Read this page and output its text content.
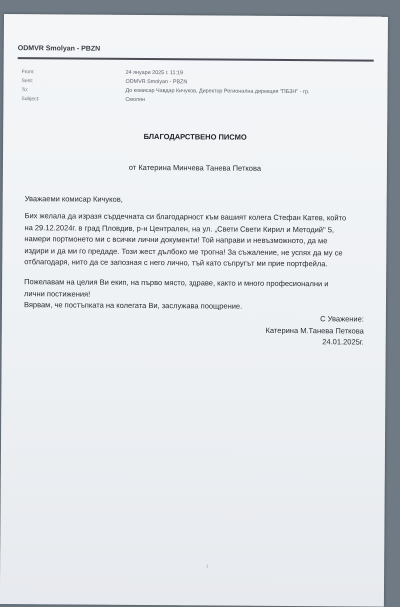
ODMVR Smolyan - PBZN
From:	24 януари 2025 г. 11:19
Sent:	ODMVR Smolyan - PBZN
To:	До комисар Чавдар Кичуков, Директор Регионална дирекция "ПБЗН" - гр.
Subject:	Смолян
БЛАГОДАРСТВЕНО ПИСМО
от Катерина Минчева Танева Петкова
Уважаеми комисар Кичуков,
Бих желала да изразя сърдечната си благодарност към вашият колега Стефан Катев, който
на 29.12.2024г. в град Пловдив, р-н Централен, на ул. „Свети Свети Кирил и Методий" 5,
намери портмонето ми с всички лични документи! Той направи и невъзможното, да ме
издири и да ми го предаде. Този жест дълбоко ме трогна! За съжаление, не успях да му се
отблагодаря, нито да се запозная с него лично, тъй като съпругът ми прие портфейла.
Пожелавам на целия Ви екип, на първо място, здраве, както и много професионални и
лични постижения!
Вярвам, че постъпката на колегата Ви, заслужава поощрение.
С Уважение:
Катерина М.Танева Петкова
24.01.2025г.
1
